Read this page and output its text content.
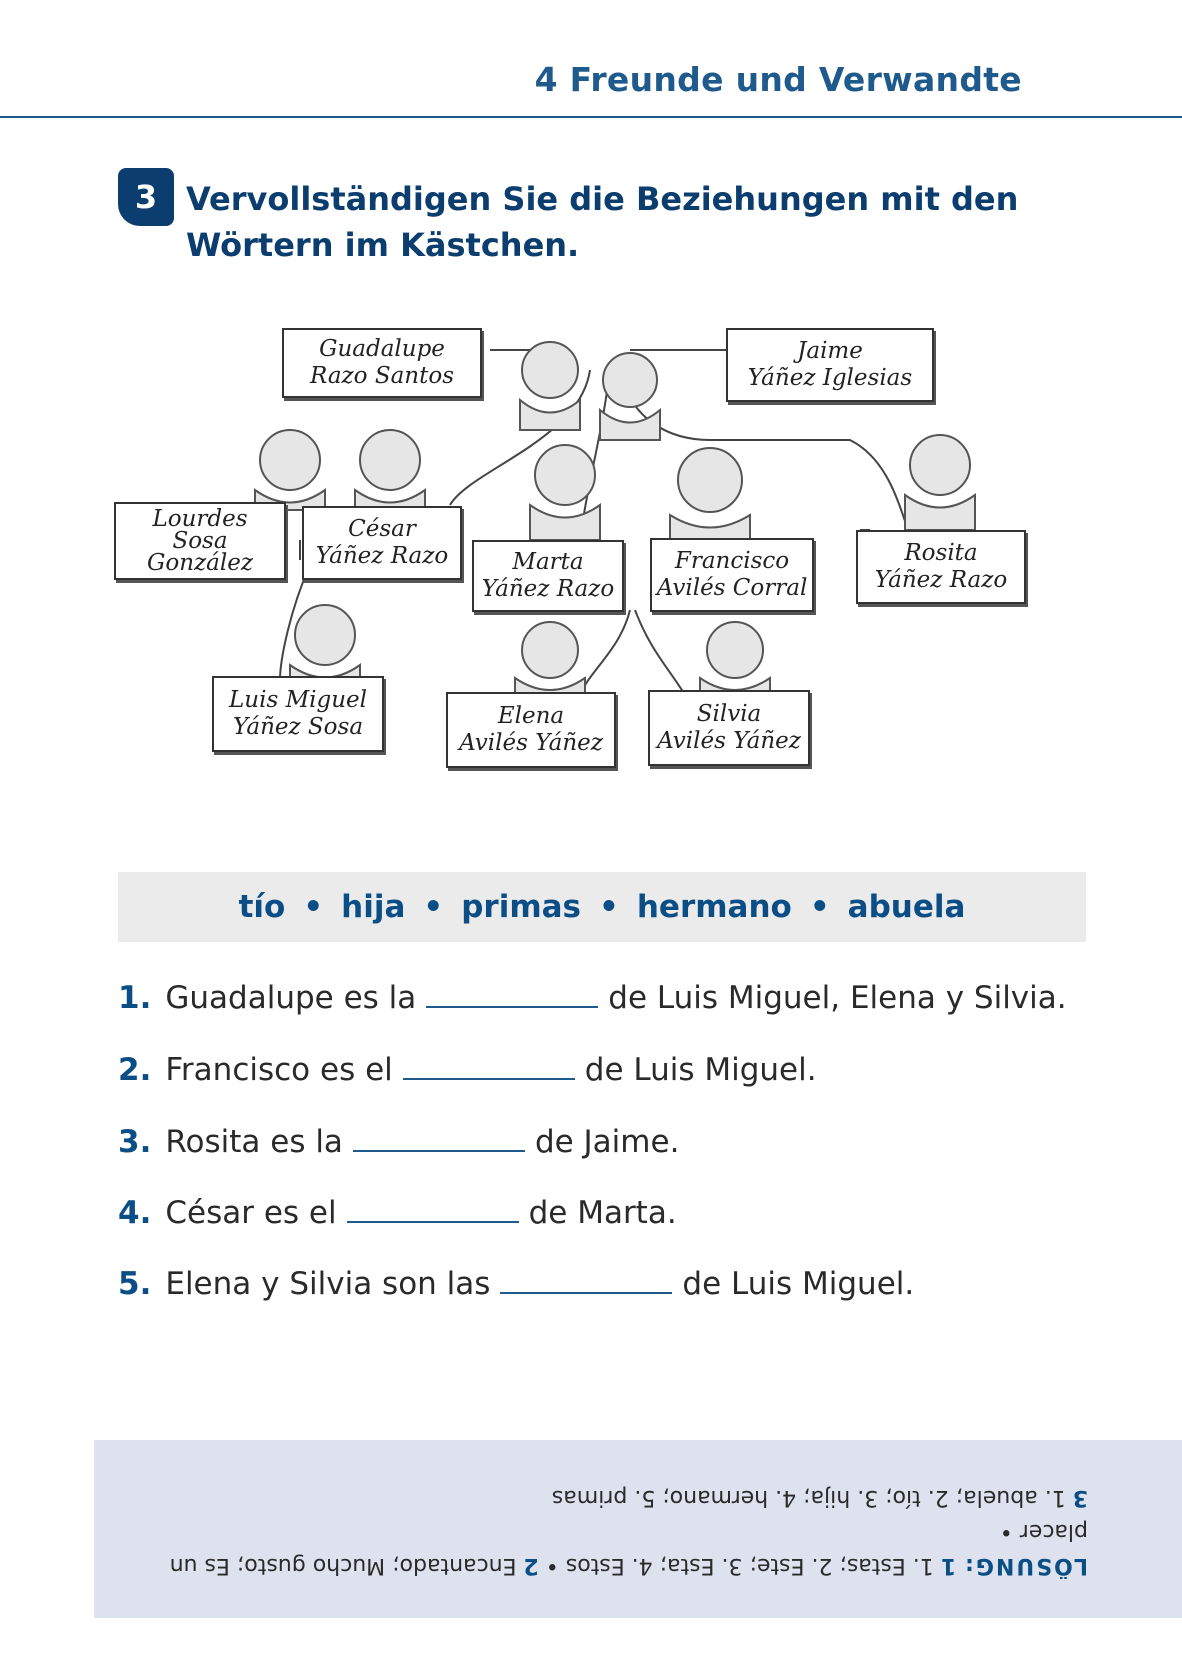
4 Freunde und Verwandte
3 Vervollständigen Sie die Beziehungen mit den Wörtern im Kästchen.
Guadalupe
Razo Santos
Jaime
Yáñez Iglesias
Lourdes
Sosa
González
César
Yáñez Razo	Marta
Yáñez Razo
Francisco
Avilés Corral
Rosita
Yáñez Razo
Luis Miguel
Yáñez Sosa	Elena
Avilés Yáñez
Silvia
Avilés Yáñez
tío • hija • primas • hermano • abuela
1. Guadalupe es la	de Luis Miguel, Elena y Silvia.
2. Francisco es el	de Luis Miguel.
3. Rosita es la	de Jaime.
4. César es el	de Marta.
5. Elena y Silvia son las	de Luis Miguel.
LÖSUNG: 1 1. Estas; 2. Este; 3. Esta; 4. Estos • 2 Encantado; Mucho gusto; Es un placer •
3 1. abuela; 2. tío; 3. hija; 4. hermano; 5. primas
